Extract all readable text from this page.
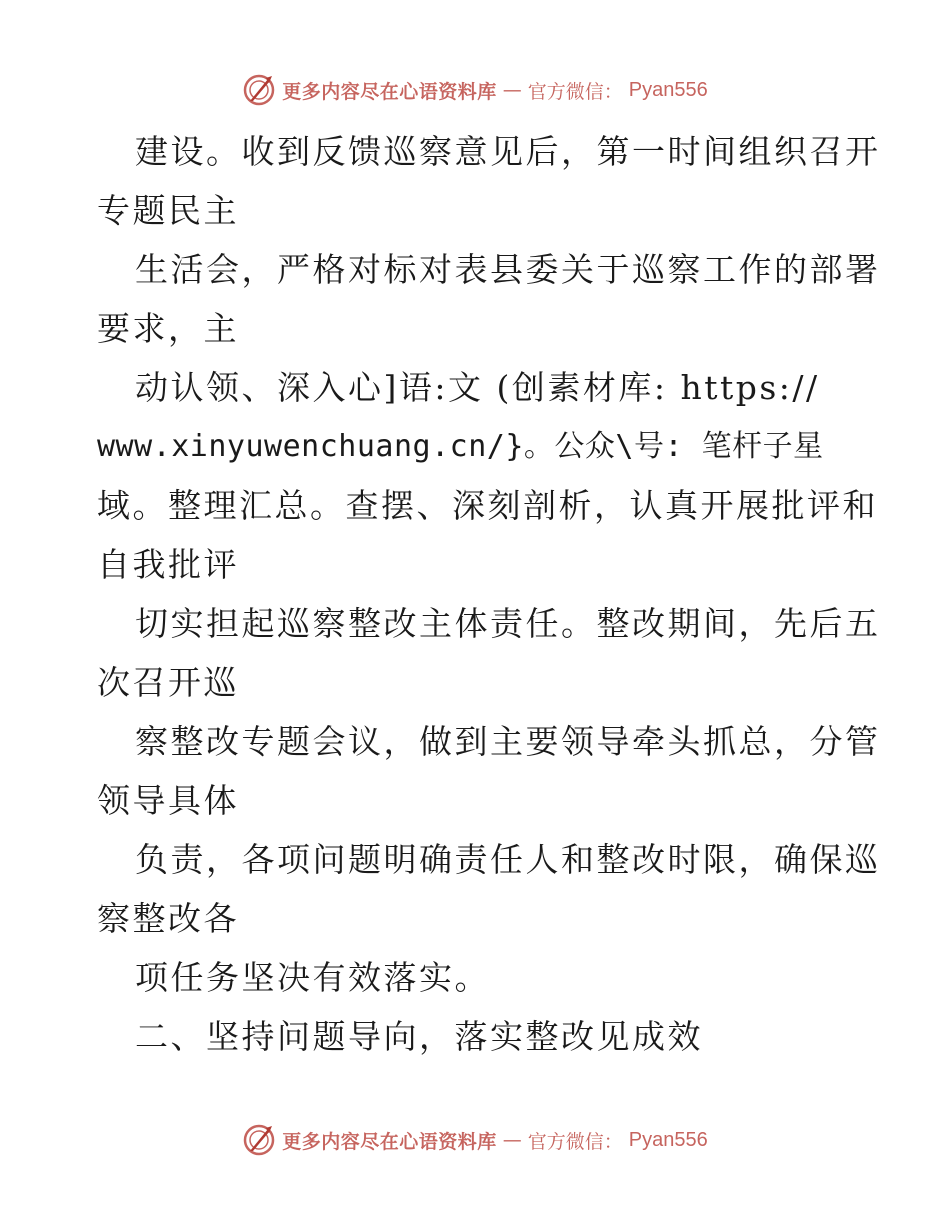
更多内容尽在心语资料库 — 官方微信： Pyan556
建设。收到反馈巡察意见后，第一时间组织召开
专题民主
生活会，严格对标对表县委关于巡察工作的部署
要求，主
动认领、深入心]语:文 (创素材库: https://
www.xinyuwenchuang.cn/}。公众\号: 笔杆子星
域。整理汇总。查摆、深刻剖析，认真开展批评和
自我批评
切实担起巡察整改主体责任。整改期间，先后五
次召开巡
察整改专题会议，做到主要领导牵头抓总，分管
领导具体
负责，各项问题明确责任人和整改时限，确保巡
察整改各
项任务坚决有效落实。
二、坚持问题导向，落实整改见成效
更多内容尽在心语资料库 — 官方微信： Pyan556
